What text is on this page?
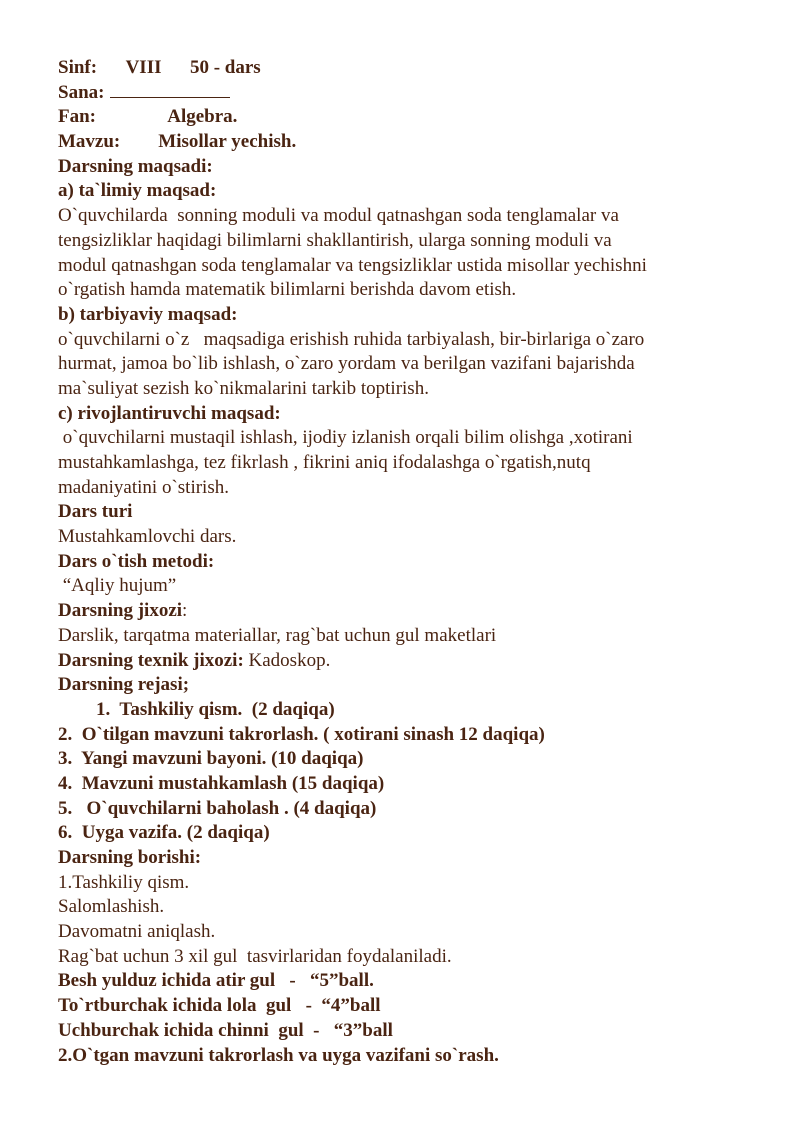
Sinf: VIII 50 - dars
Sana:
Fan:	Algebra.
Mavzu: Misollar yechish.
Darsning maqsadi:
a) ta`limiy maqsad:
O`quvchilarda  sonning moduli va modul qatnashgan soda tenglamalar va
tengsizliklar haqidagi bilimlarni shakllantirish, ularga sonning moduli va
modul qatnashgan soda tenglamalar va tengsizliklar ustida misollar yechishni
o`rgatish hamda matematik bilimlarni berishda davom etish.
b) tarbiyaviy maqsad:
o`quvchilarni o`z   maqsadiga erishish ruhida tarbiyalash, bir-birlariga o`zaro
hurmat, jamoa bo`lib ishlash, o`zaro yordam va berilgan vazifani bajarishda
ma`suliyat sezish ko`nikmalarini tarkib toptirish.
c) rivojlantiruvchi maqsad:
o`quvchilarni mustaqil ishlash, ijodiy izlanish orqali bilim olishga ,xotirani
mustahkamlashga, tez fikrlash , fikrini aniq ifodalashga o`rgatish,nutq
madaniyatini o`stirish.
Dars turi
Mustahkamlovchi dars.
Dars o`tish metodi:
“Aqliy hujum”
Darsning jixozi:
Darslik, tarqatma materiallar, rag`bat uchun gul maketlari
Darsning texnik jixozi: Kadoskop.
Darsning rejasi;
1.  Tashkiliy qism.  (2 daqiqa)
2.  O`tilgan mavzuni takrorlash. ( xotirani sinash 12 daqiqa)
3.  Yangi mavzuni bayoni. (10 daqiqa)
4.  Mavzuni mustahkamlash (15 daqiqa)
5.   O`quvchilarni baholash . (4 daqiqa)
6.  Uyga vazifa. (2 daqiqa)
Darsning borishi:
1.Tashkiliy qism.
Salomlashish.
Davomatni aniqlash.
Rag`bat uchun 3 xil gul  tasvirlaridan foydalaniladi.
Besh yulduz ichida atir gul   -   “5”ball.
To`rtburchak ichida lola  gul   -  “4”ball
Uchburchak ichida chinni  gul  -   “3”ball
2.O`tgan mavzuni takrorlash va uyga vazifani so`rash.
